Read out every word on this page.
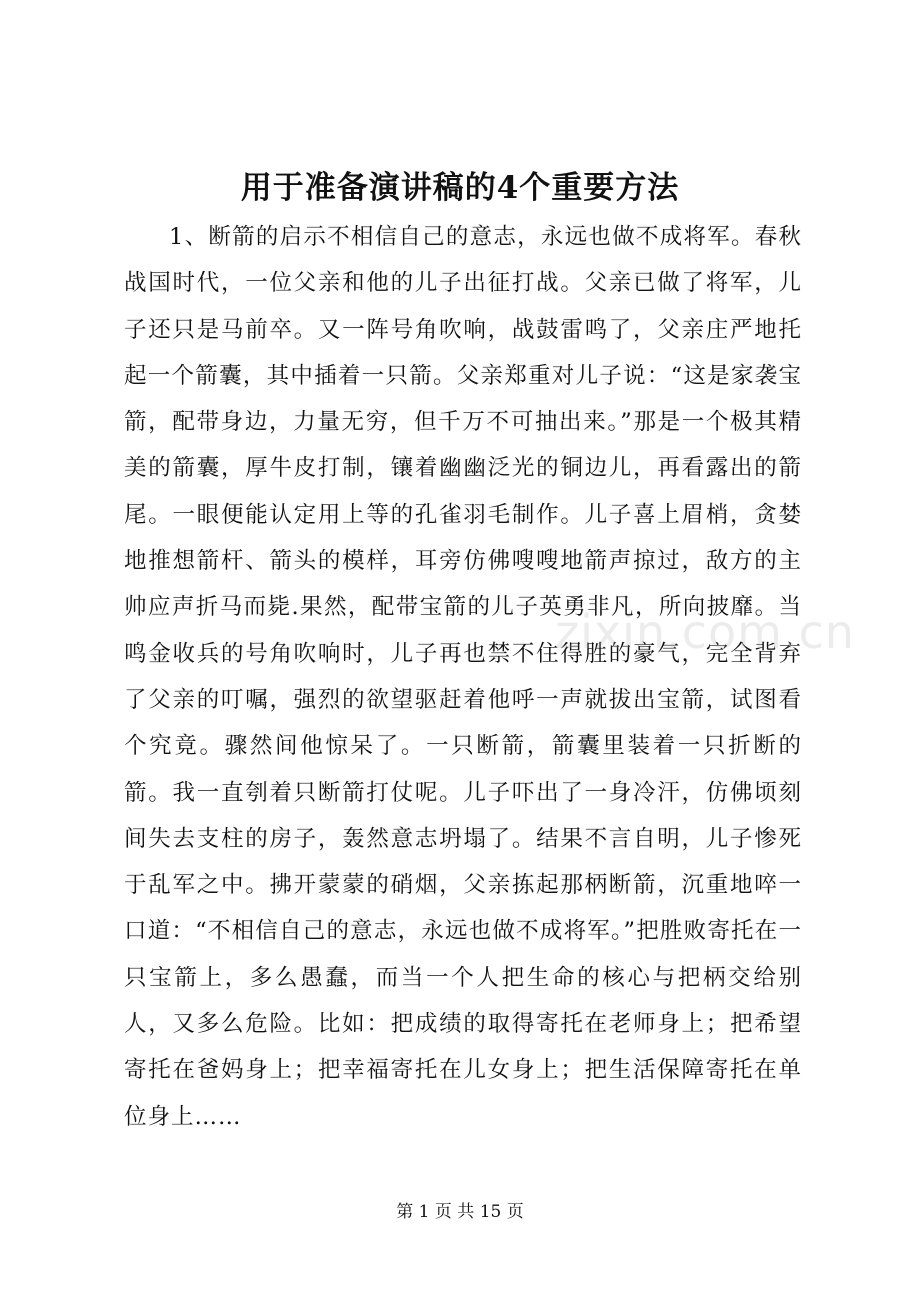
用于准备演讲稿的4个重要方法

1、断箭的启示不相信自己的意志，永远也做不成将军。春秋战国时代，一位父亲和他的儿子出征打战。父亲已做了将军，儿子还只是马前卒。又一阵号角吹响，战鼓雷鸣了，父亲庄严地托起一个箭囊，其中插着一只箭。父亲郑重对儿子说：“这是家袭宝箭，配带身边，力量无穷，但千万不可抽出来。”那是一个极其精美的箭囊，厚牛皮打制，镶着幽幽泛光的铜边儿，再看露出的箭尾。一眼便能认定用上等的孔雀羽毛制作。儿子喜上眉梢，贪婪地推想箭杆、箭头的模样，耳旁仿佛嗖嗖地箭声掠过，敌方的主帅应声折马而毙.果然，配带宝箭的儿子英勇非凡，所向披靡。当鸣金收兵的号角吹响时，儿子再也禁不住得胜的豪气，完全背弃了父亲的叮嘱，强烈的欲望驱赶着他呼一声就拔出宝箭，试图看个究竟。骤然间他惊呆了。一只断箭，箭囊里装着一只折断的箭。我一直刳着只断箭打仗呢。儿子吓出了一身冷汗，仿佛顷刻间失去支柱的房子，轰然意志坍塌了。结果不言自明，儿子惨死于乱军之中。拂开蒙蒙的硝烟，父亲拣起那柄断箭，沉重地啐一口道：“不相信自己的意志，永远也做不成将军。”把胜败寄托在一只宝箭上，多么愚蠢，而当一个人把生命的核心与把柄交给别人，又多么危险。比如：把成绩的取得寄托在老师身上；把希望寄托在爸妈身上；把幸福寄托在儿女身上；把生活保障寄托在单位身上……

zixin.com.cn
第 1 页 共 15 页
